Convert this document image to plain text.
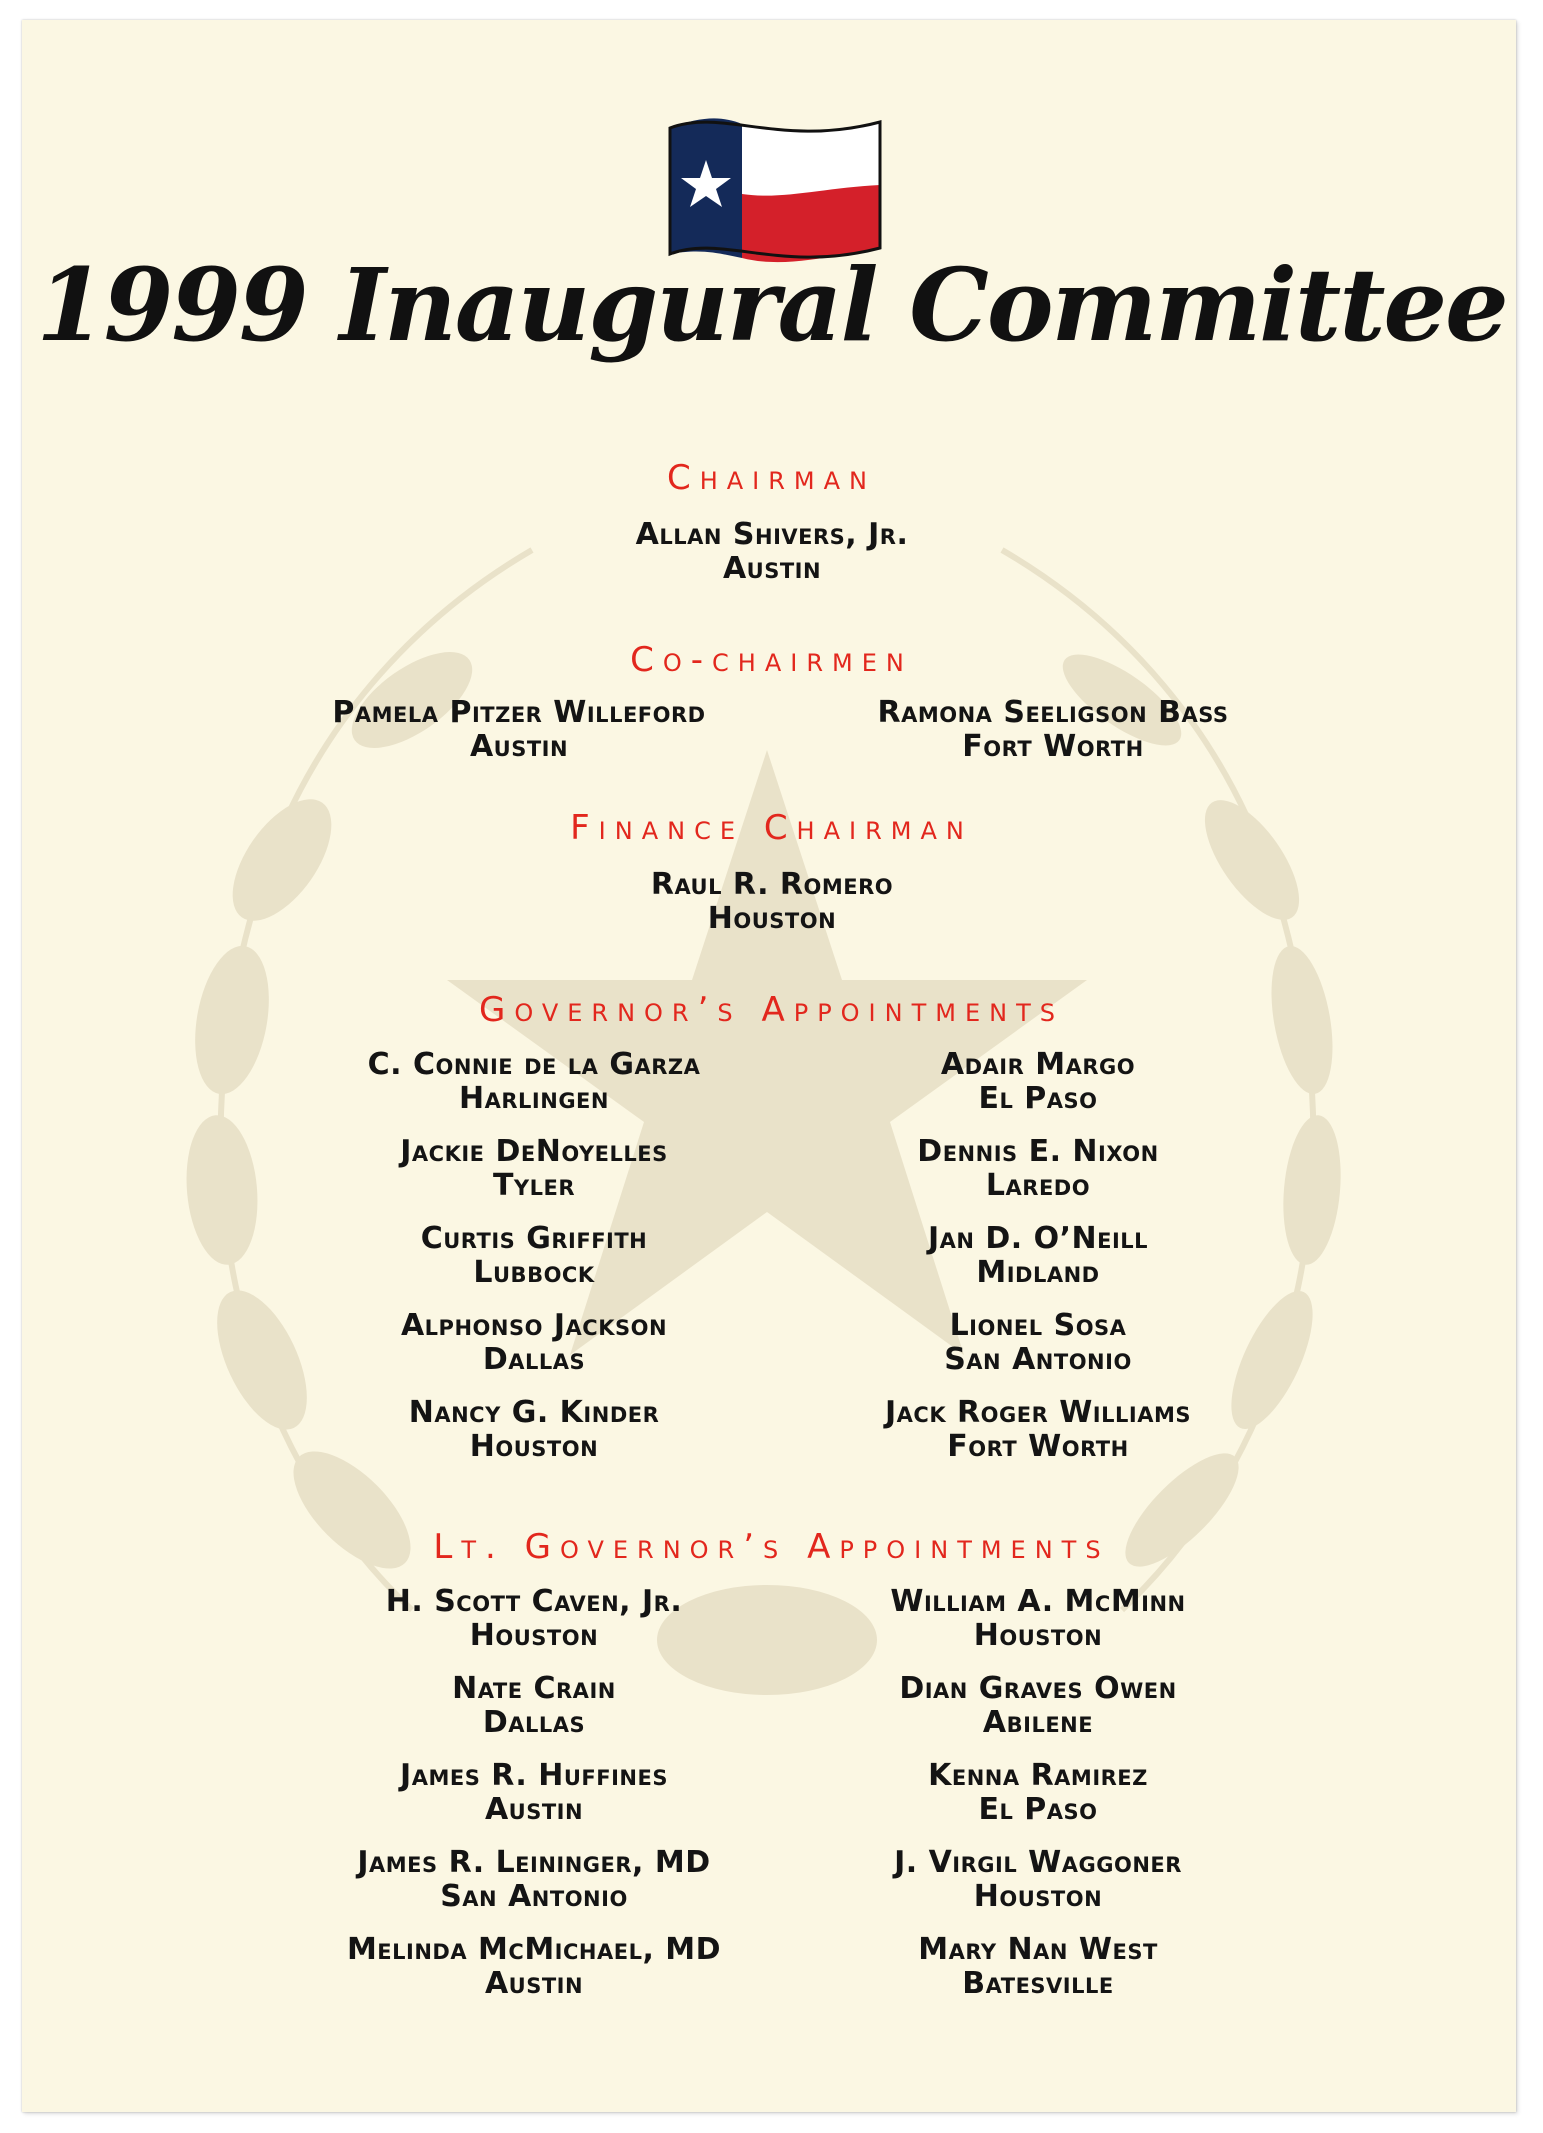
1999 Inaugural Committee

Chairman

Allan Shivers, Jr.
Austin

Co-chairmen

Pamela Pitzer Willeford
Austin
Ramona Seeligson Bass
Fort Worth

Finance Chairman

Raul R. Romero
Houston

Governor’s Appointments

C. Connie de la Garza
Harlingen
Jackie DeNoyelles
Tyler
Curtis Griffith
Lubbock
Alphonso Jackson
Dallas
Nancy G. Kinder
Houston
Adair Margo
El Paso
Dennis E. Nixon
Laredo
Jan D. O’Neill
Midland
Lionel Sosa
San Antonio
Jack Roger Williams
Fort Worth

Lt. Governor’s Appointments

H. Scott Caven, Jr.
Houston
Nate Crain
Dallas
James R. Huffines
Austin
James R. Leininger, MD
San Antonio
Melinda McMichael, MD
Austin
William A. McMinn
Houston
Dian Graves Owen
Abilene
Kenna Ramirez
El Paso
J. Virgil Waggoner
Houston
Mary Nan West
Batesville
